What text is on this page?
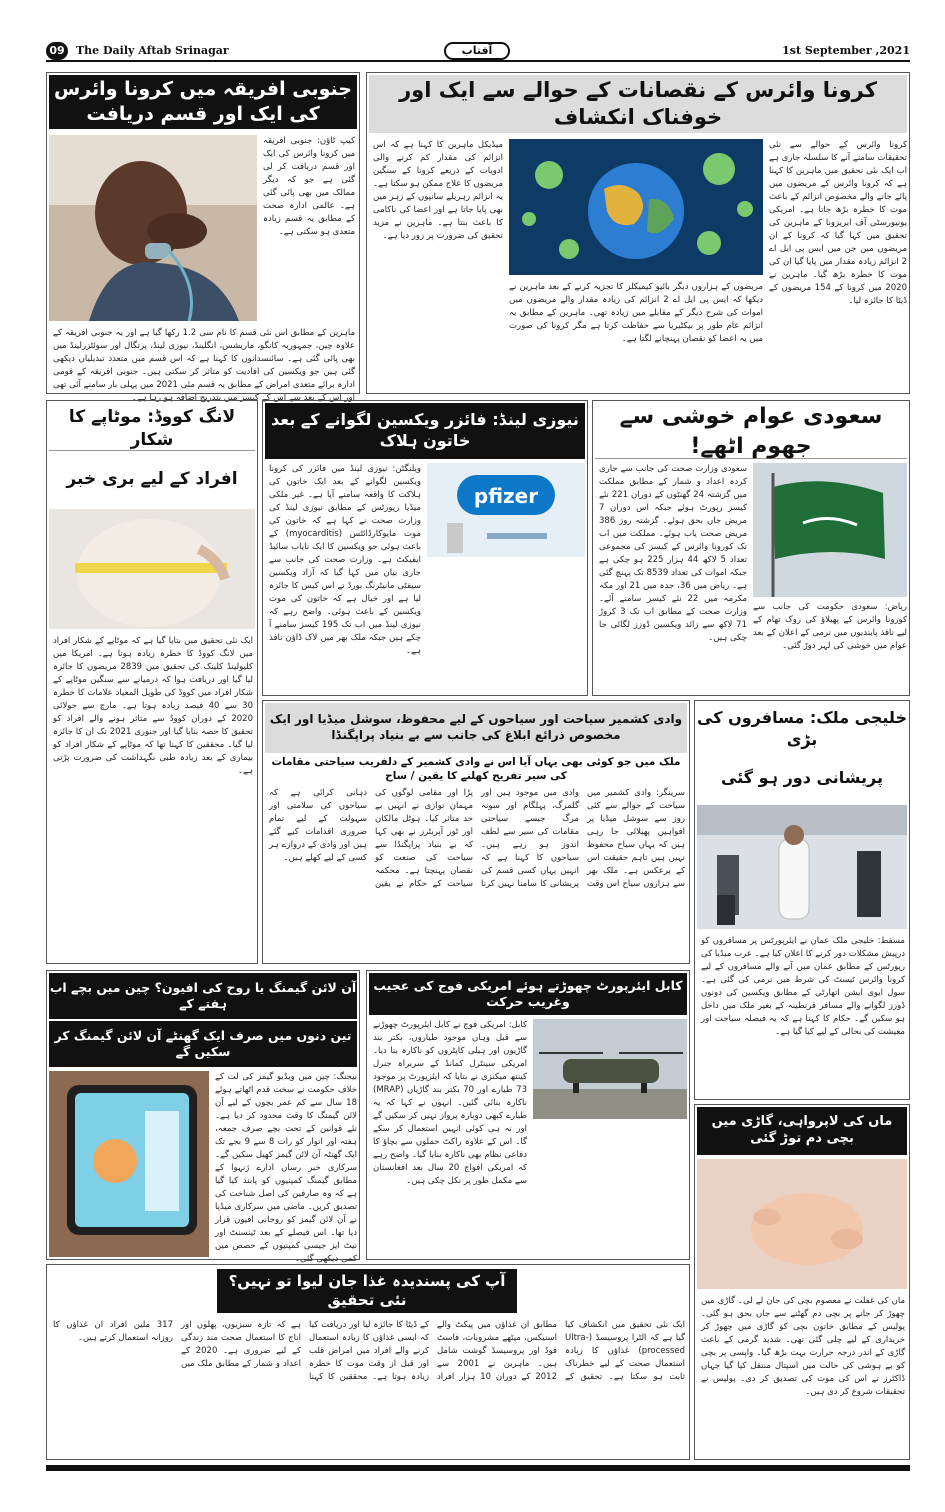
09	The Daily Aftab Srinagar	آفتاب	1st September ,2021
جنوبی افریقہ میں کرونا وائرس کی ایک اور قسم دریافت
کیپ ٹاؤن: جنوبی افریقہ میں کرونا وائرس کی ایک اور قسم دریافت کر لی گئی ہے جو کہ دیگر ممالک میں بھی پائی گئی ہے۔ عالمی ادارہ صحت کے مطابق یہ قسم زیادہ متعدی ہو سکتی ہے۔
ماہرین کے مطابق اس نئی قسم کا نام سی 1.2 رکھا گیا ہے اور یہ جنوبی افریقہ کے علاوہ چین، جمہوریہ کانگو، ماریشس، انگلینڈ، نیوزی لینڈ، پرتگال اور سوئٹزرلینڈ میں بھی پائی گئی ہے۔ سائنسدانوں کا کہنا ہے کہ اس قسم میں متعدد تبدیلیاں دیکھی گئی ہیں جو ویکسین کی افادیت کو متاثر کر سکتی ہیں۔ جنوبی افریقہ کے قومی ادارہ برائے متعدی امراض کے مطابق یہ قسم مئی 2021 میں پہلی بار سامنے آئی تھی اور اس کے بعد سے اس کے کیسز میں بتدریج اضافہ ہو رہا ہے۔
کرونا وائرس کے نقصانات کے حوالے سے ایک اور خوفناک انکشاف
کرونا وائرس کے حوالے سے نئی تحقیقات سامنے آنے کا سلسلہ جاری ہے اب ایک نئی تحقیق میں ماہرین کا کہنا ہے کہ کرونا وائرس کے مریضوں میں پائے جانے والے مخصوص انزائم کے باعث موت کا خطرہ بڑھ جاتا ہے۔ امریکی یونیورسٹی آف ایریزونا کے ماہرین کی تحقیق میں کہا گیا کہ کرونا کے ان مریضوں میں جن میں ایس پی ایل اے 2 انزائم زیادہ مقدار میں پایا گیا ان کی موت کا خطرہ بڑھ گیا۔ ماہرین نے 2020 میں کرونا کے 154 مریضوں کے ڈیٹا کا جائزہ لیا۔
مریضوں کے ہزاروں دیگر بائیو کیمیکلز کا تجزیہ کرنے کے بعد ماہرین نے دیکھا کہ ایس پی ایل اے 2 انزائم کی زیادہ مقدار والے مریضوں میں اموات کی شرح دیگر کے مقابلے میں زیادہ تھی۔ ماہرین کے مطابق یہ انزائم عام طور پر بیکٹیریا سے حفاظت کرتا ہے مگر کرونا کی صورت میں یہ اعضا کو نقصان پہنچانے لگتا ہے۔
میڈیکل ماہرین کا کہنا ہے کہ اس انزائم کی مقدار کم کرنے والی ادویات کے ذریعے کرونا کے سنگین مریضوں کا علاج ممکن ہو سکتا ہے۔ یہ انزائم زہریلے سانپوں کے زہر میں بھی پایا جاتا ہے اور اعضا کی ناکامی کا باعث بنتا ہے۔ ماہرین نے مزید تحقیق کی ضرورت پر زور دیا ہے۔
لانگ کووڈ: موٹاپے کا شکار
افراد کے لیے بری خبر
ایک نئی تحقیق میں بتایا گیا ہے کہ موٹاپے کے شکار افراد میں لانگ کووڈ کا خطرہ زیادہ ہوتا ہے۔ امریکا میں کلیولینڈ کلینک کی تحقیق میں 2839 مریضوں کا جائزہ لیا گیا اور دریافت ہوا کہ درمیانے سے سنگین موٹاپے کے شکار افراد میں کووڈ کی طویل المعیاد علامات کا خطرہ 30 سے 40 فیصد زیادہ ہوتا ہے۔ مارچ سے جولائی 2020 کے دوران کووڈ سے متاثر ہونے والے افراد کو تحقیق کا حصہ بنایا گیا اور جنوری 2021 تک ان کا جائزہ لیا گیا۔ محققین کا کہنا تھا کہ موٹاپے کے شکار افراد کو بیماری کے بعد زیادہ طبی نگہداشت کی ضرورت پڑتی ہے۔
نیوزی لینڈ: فائزر ویکسین لگوانے کے بعد خاتون ہلاک
pfizer
ویلنگٹن: نیوزی لینڈ میں فائزر کی کرونا ویکسین لگوانے کے بعد ایک خاتون کی ہلاکت کا واقعہ سامنے آیا ہے۔ غیر ملکی میڈیا رپورٹس کے مطابق نیوزی لینڈ کی وزارت صحت نے کہا ہے کہ خاتون کی موت مایوکارڈائٹس (myocarditis) کے باعث ہوئی جو ویکسین کا ایک نایاب سائیڈ ایفیکٹ ہے۔ وزارت صحت کی جانب سے جاری بیان میں کہا گیا کہ آزاد ویکسین سیفٹی مانیٹرنگ بورڈ نے اس کیس کا جائزہ لیا ہے اور خیال ہے کہ خاتون کی موت ویکسین کے باعث ہوئی۔ واضح رہے کہ نیوزی لینڈ میں اب تک 195 کیسز سامنے آ چکے ہیں جبکہ ملک بھر میں لاک ڈاؤن نافذ ہے۔
سعودی عوام خوشی سے جھوم اٹھے!
ریاض: سعودی حکومت کی جانب سے کورونا وائرس کے پھیلاؤ کی روک تھام کے لیے نافذ پابندیوں میں نرمی کے اعلان کے بعد عوام میں خوشی کی لہر دوڑ گئی۔
سعودی وزارت صحت کی جانب سے جاری کردہ اعداد و شمار کے مطابق مملکت میں گزشتہ 24 گھنٹوں کے دوران 221 نئے کیسز رپورٹ ہوئے جبکہ اس دوران 7 مریض جاں بحق ہوئے۔ گزشتہ روز 386 مریض صحت یاب ہوئے۔ مملکت میں اب تک کورونا وائرس کے کیسز کی مجموعی تعداد 5 لاکھ 44 ہزار 225 ہو چکی ہے جبکہ اموات کی تعداد 8539 تک پہنچ گئی ہے۔ ریاض میں 36، جدہ میں 21 اور مکہ مکرمہ میں 22 نئے کیسز سامنے آئے۔ وزارت صحت کے مطابق اب تک 3 کروڑ 71 لاکھ سے زائد ویکسین ڈوزز لگائی جا چکی ہیں۔
وادی کشمیر سیاحت اور سیاحوں کے لیے محفوظ، سوشل میڈیا اور ایک مخصوص ذرائع ابلاغ کی جانب سے بے بنیاد پراپگنڈا
ملک میں جو کوئی بھی یہاں آیا اس نے وادی کشمیر کے دلفریب سیاحتی مقامات کی سیر تفریح کھلنے کا یقین / ساح
سرینگر: وادی کشمیر میں سیاحت کے حوالے سے کئی روز سے سوشل میڈیا پر افواہیں پھیلائی جا رہی ہیں کہ یہاں سیاح محفوظ نہیں ہیں تاہم حقیقت اس کے برعکس ہے۔ ملک بھر سے ہزاروں سیاح اس وقت وادی میں موجود ہیں اور گلمرگ، پہلگام اور سونہ مرگ جیسے سیاحتی مقامات کی سیر سے لطف اندوز ہو رہے ہیں۔ سیاحوں کا کہنا ہے کہ انہیں یہاں کسی قسم کی پریشانی کا سامنا نہیں کرنا پڑا اور مقامی لوگوں کی مہمان نوازی نے انہیں بے حد متاثر کیا۔ ہوٹل مالکان اور ٹور آپریٹرز نے بھی کہا کہ بے بنیاد پراپگنڈا سے سیاحت کی صنعت کو نقصان پہنچتا ہے۔ محکمہ سیاحت کے حکام نے یقین دہانی کرائی ہے کہ سیاحوں کی سلامتی اور سہولت کے لیے تمام ضروری اقدامات کیے گئے ہیں اور وادی کے دروازے ہر کسی کے لیے کھلے ہیں۔
خلیجی ملک: مسافروں کی بڑی
پریشانی دور ہو گئی
مسقط: خلیجی ملک عمان نے ایئرپورٹس پر مسافروں کو درپیش مشکلات دور کرنے کا اعلان کیا ہے۔ عرب میڈیا کی رپورٹس کے مطابق عمان میں آنے والے مسافروں کے لیے کرونا وائرس ٹیسٹ کی شرط میں نرمی کی گئی ہے۔ سول ایوی ایشن اتھارٹی کے مطابق ویکسین کی دونوں ڈوزز لگوانے والے مسافر قرنطینہ کے بغیر ملک میں داخل ہو سکیں گے۔ حکام کا کہنا ہے کہ یہ فیصلہ سیاحت اور معیشت کی بحالی کے لیے کیا گیا ہے۔
آن لائن گیمنگ یا روح کی افیون؟ چین میں بچے اب ہفتے کے
تین دنوں میں صرف ایک گھنٹے آن لائن گیمنگ کر سکیں گے
بیجنگ: چین میں ویڈیو گیمز کی لت کے خلاف حکومت نے سخت قدم اٹھاتے ہوئے 18 سال سے کم عمر بچوں کے لیے آن لائن گیمنگ کا وقت محدود کر دیا ہے۔ نئے قوانین کے تحت بچے صرف جمعہ، ہفتہ اور اتوار کو رات 8 سے 9 بجے تک ایک گھنٹہ آن لائن گیمز کھیل سکیں گے۔ سرکاری خبر رساں ادارے ژنہوا کے مطابق گیمنگ کمپنیوں کو پابند کیا گیا ہے کہ وہ صارفین کی اصل شناخت کی تصدیق کریں۔ ماضی میں سرکاری میڈیا نے آن لائن گیمز کو روحانی افیون قرار دیا تھا۔ اس فیصلے کے بعد ٹینسنٹ اور نیٹ ایز جیسی کمپنیوں کے حصص میں کمی دیکھی گئی۔
کابل ایئرپورٹ چھوڑتے ہوئے امریکی فوج کی عجیب وغریب حرکت
کابل: امریکی فوج نے کابل ایئرپورٹ چھوڑنے سے قبل وہاں موجود طیاروں، بکتر بند گاڑیوں اور ہیلی کاپٹروں کو ناکارہ بنا دیا۔ امریکی سینٹرل کمانڈ کے سربراہ جنرل کینتھ میکنزی نے بتایا کہ ایئرپورٹ پر موجود 73 طیارے اور 70 بکتر بند گاڑیاں (MRAP) ناکارہ بنائی گئیں۔ انہوں نے کہا کہ یہ طیارے کبھی دوبارہ پرواز نہیں کر سکیں گے اور نہ ہی کوئی انہیں استعمال کر سکے گا۔ اس کے علاوہ راکٹ حملوں سے بچاؤ کا دفاعی نظام بھی ناکارہ بنایا گیا۔ واضح رہے کہ امریکی افواج 20 سال بعد افغانستان سے مکمل طور پر نکل چکی ہیں۔
ماں کی لاپرواہی، گاڑی میں بچی دم توڑ گئی
ماں کی غفلت نے معصوم بچی کی جان لے لی۔ گاڑی میں چھوڑ کر جانے پر بچی دم گھٹنے سے جاں بحق ہو گئی۔ پولیس کے مطابق خاتون بچی کو گاڑی میں چھوڑ کر خریداری کے لیے چلی گئی تھی۔ شدید گرمی کے باعث گاڑی کے اندر درجہ حرارت بہت بڑھ گیا۔ واپسی پر بچی کو بے ہوشی کی حالت میں اسپتال منتقل کیا گیا جہاں ڈاکٹرز نے اس کی موت کی تصدیق کر دی۔ پولیس نے تحقیقات شروع کر دی ہیں۔
آپ کی پسندیدہ غذا جان لیوا تو نہیں؟ نئی تحقیق
ایک نئی تحقیق میں انکشاف کیا گیا ہے کہ الٹرا پروسیسڈ (Ultra-processed) غذاؤں کا زیادہ استعمال صحت کے لیے خطرناک ثابت ہو سکتا ہے۔ تحقیق کے مطابق ان غذاؤں میں پیکٹ والے اسنیکس، میٹھے مشروبات، فاسٹ فوڈ اور پروسیسڈ گوشت شامل ہیں۔ ماہرین نے 2001 سے 2012 کے دوران 10 ہزار افراد کے ڈیٹا کا جائزہ لیا اور دریافت کیا کہ ایسی غذاؤں کا زیادہ استعمال کرنے والے افراد میں امراض قلب اور قبل از وقت موت کا خطرہ زیادہ ہوتا ہے۔ محققین کا کہنا ہے کہ تازہ سبزیوں، پھلوں اور اناج کا استعمال صحت مند زندگی کے لیے ضروری ہے۔ 2020 کے اعداد و شمار کے مطابق ملک میں 317 ملین افراد ان غذاؤں کا روزانہ استعمال کرتے ہیں۔
